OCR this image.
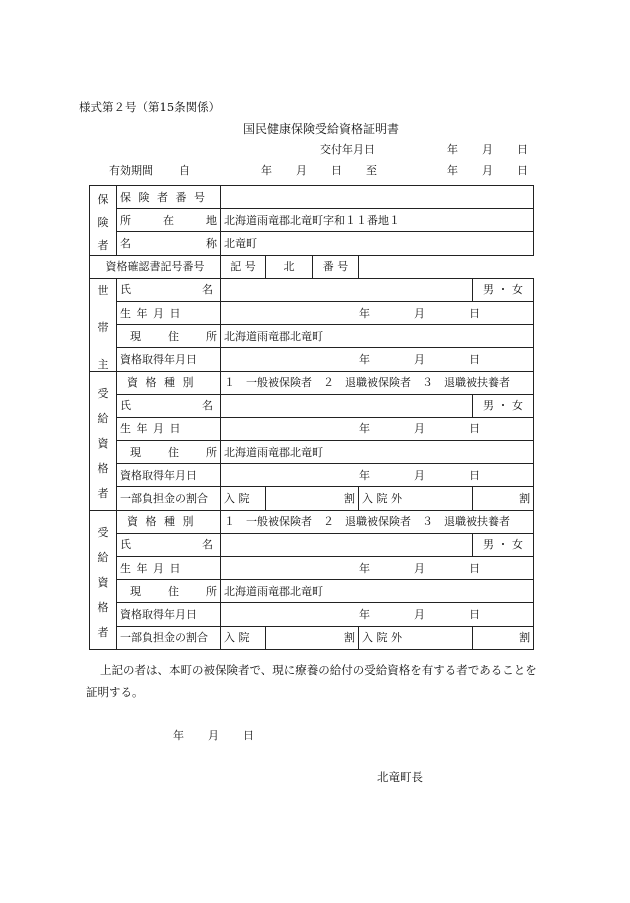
様式第２号（第15条関係）
国民健康保険受給資格証明書
交付年月日	年 月 日
有効期間 自	年 月 日 至	年 月 日
保
険
者	保 険 者 番 号					

	所 在 地	北海道雨竜郡北竜町字和１１番地１				

	名 称	北竜町				
資格確認書記号番号		記 号	北	番 号		

世
帯
主	氏 名					男 ・ 女
	生 年 月 日	年 月 日				

	現 住 所	北海道雨竜郡北竜町				
	資格取得年月日	年 月 日				

受
給
資
格
者	資 格 種 別	１　一般被保険者　２　退職被保険者　３　退職被扶養者				

	氏 名					男 ・ 女
	生 年 月 日	年 月 日				

	現 住 所	北海道雨竜郡北竜町				
	資格取得年月日	年 月 日				

	一部負担金の割合	入 院	割		入 院 外	割

受
給
資
格
者	資 格 種 別	１　一般被保険者　２　退職被保険者　３　退職被扶養者				

	氏 名					男 ・ 女
	生 年 月 日	年 月 日				

	現 住 所	北海道雨竜郡北竜町				
	資格取得年月日	年 月 日				

	一部負担金の割合	入 院	割		入 院 外	割
上記の者は、本町の被保険者で、現に療養の給付の受給資格を有する者であることを
証明する。
年 月 日
北竜町長
